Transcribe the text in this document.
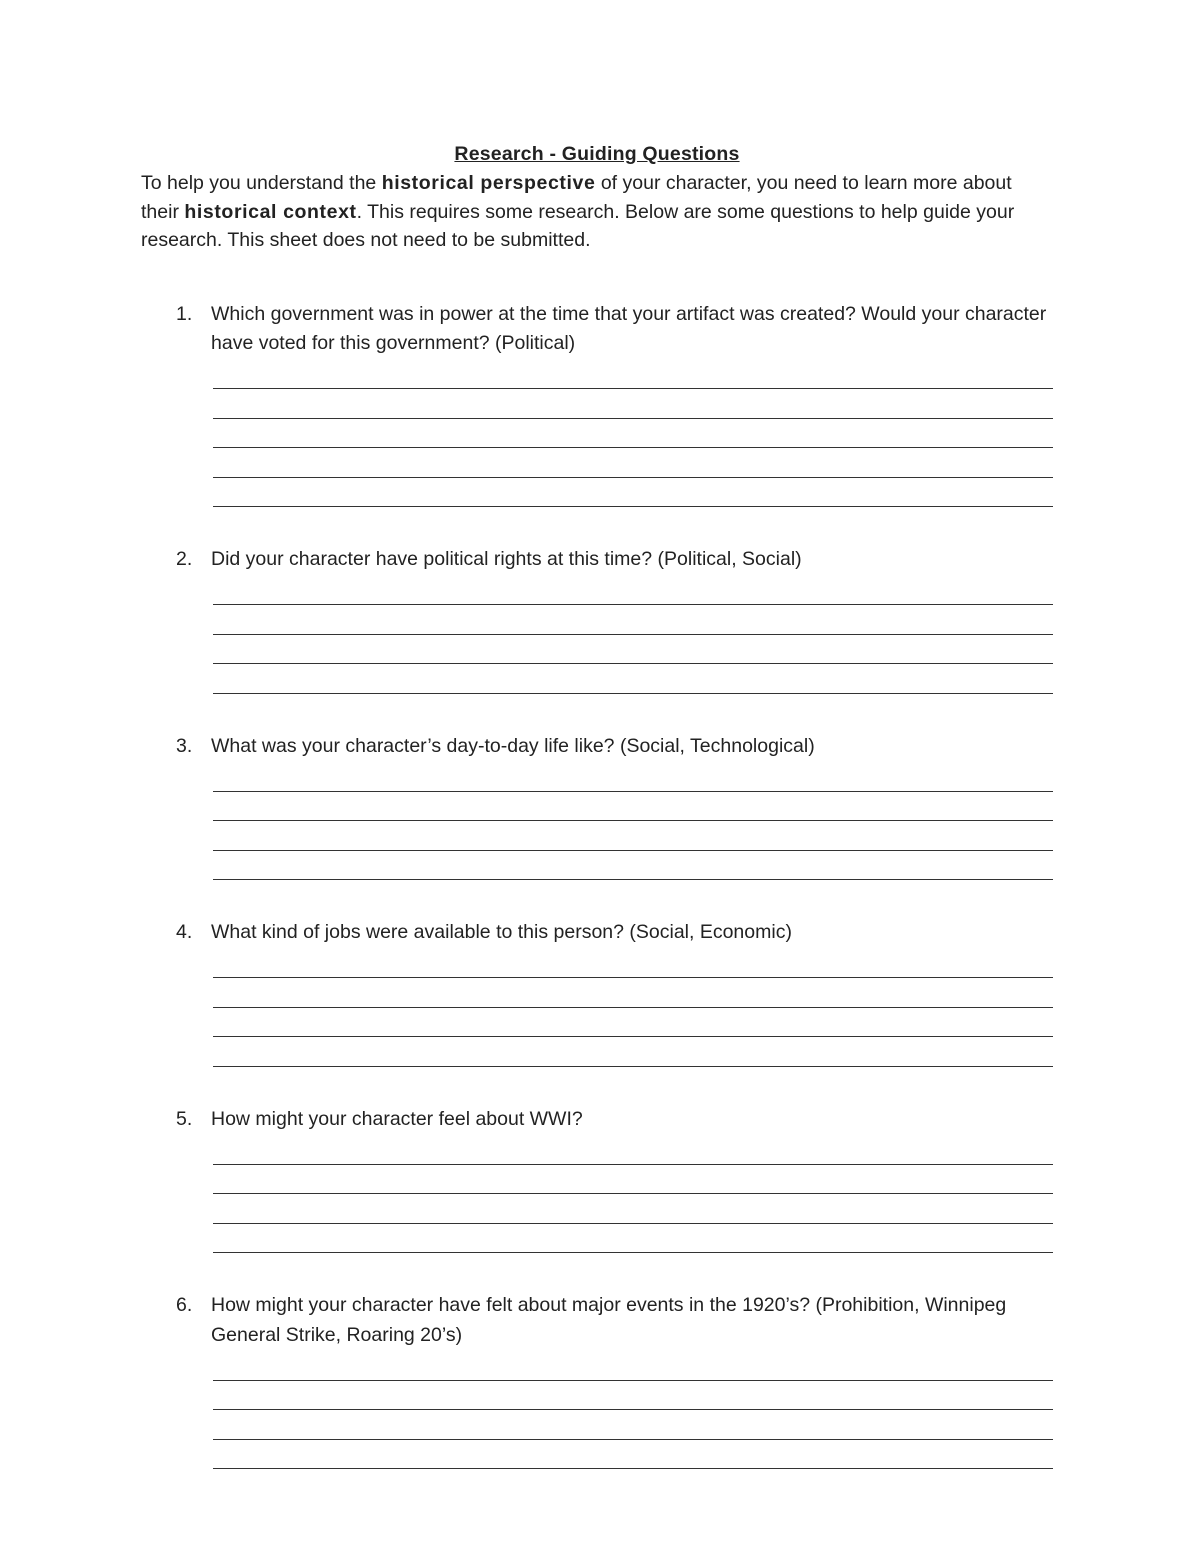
Research - Guiding Questions

To help you understand the historical perspective of your character, you need to learn more about their historical context. This requires some research. Below are some questions to help guide your research. This sheet does not need to be submitted.

1. Which government was in power at the time that your artifact was created? Would your character have voted for this government? (Political)

2. Did your character have political rights at this time? (Political, Social)

3. What was your character’s day-to-day life like? (Social, Technological)

4. What kind of jobs were available to this person? (Social, Economic)

5. How might your character feel about WWI?

6. How might your character have felt about major events in the 1920’s? (Prohibition, Winnipeg General Strike, Roaring 20’s)
